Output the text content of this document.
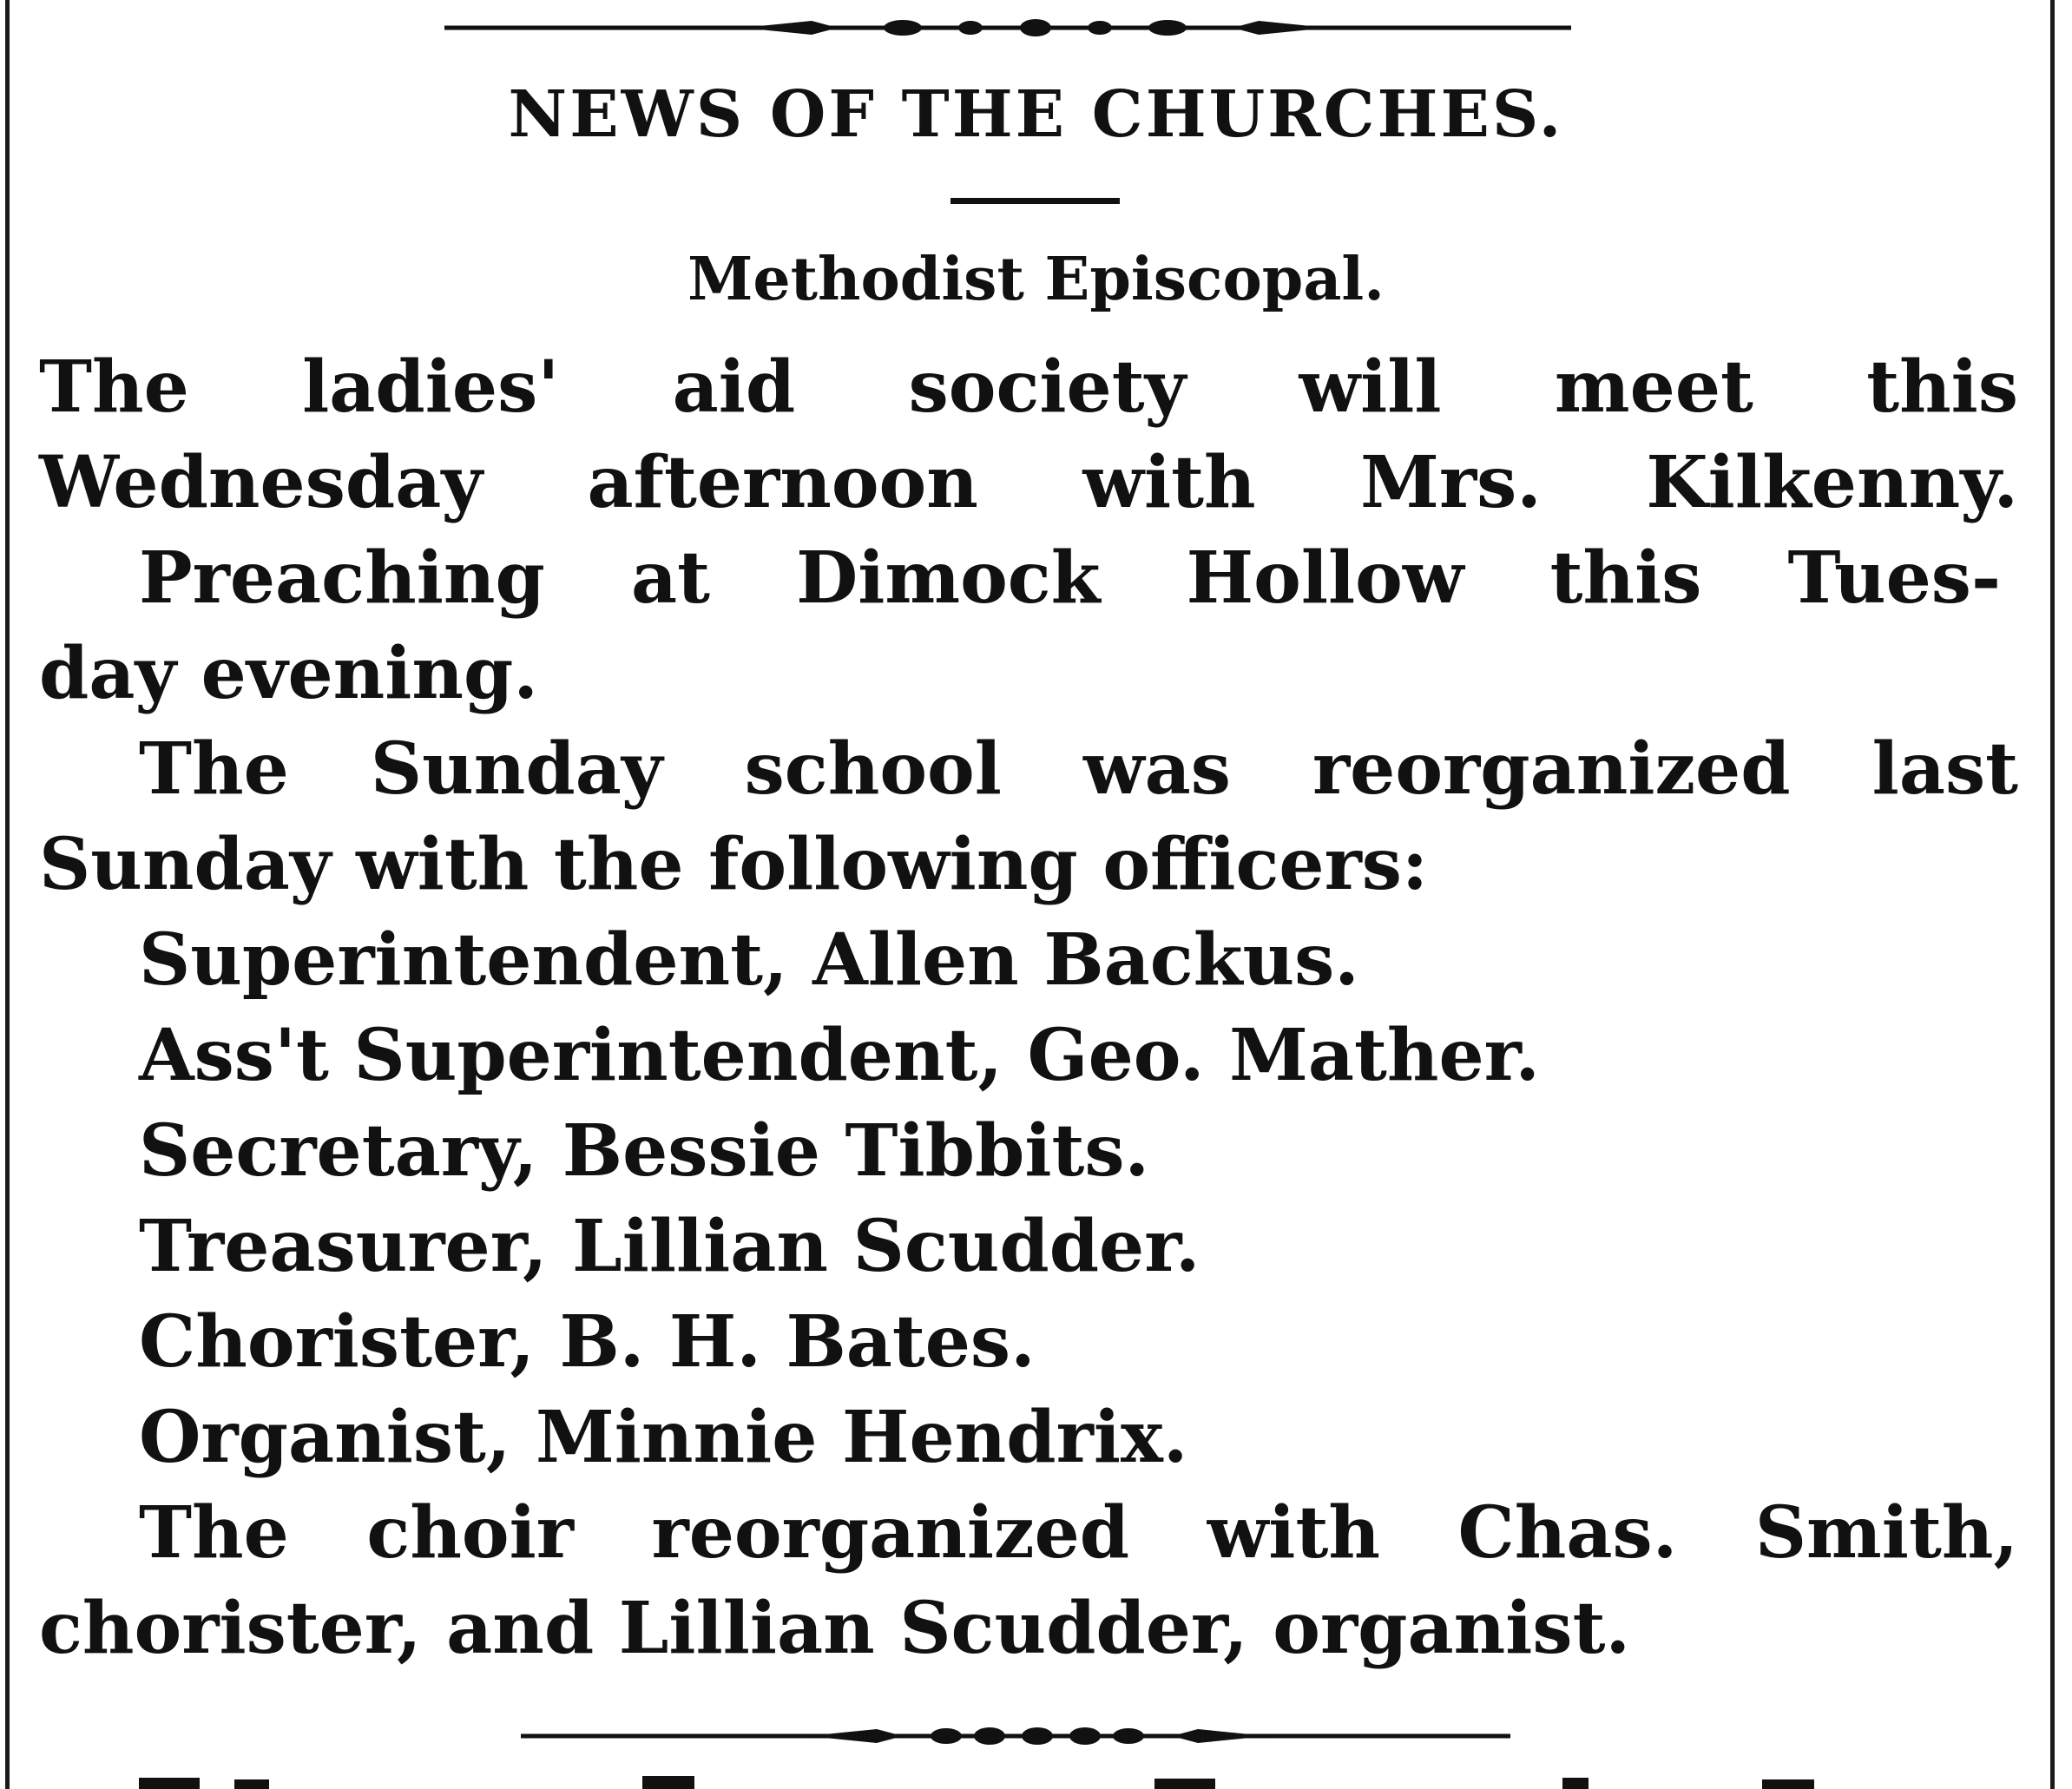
NEWS OF THE CHURCHES.
Methodist Episcopal.
The ladies' aid society will meet this
Wednesday afternoon with Mrs. Kilkenny.
Preaching at Dimock Hollow this Tues-
day evening.
The Sunday school was reorganized last
Sunday with the following officers:
Superintendent, Allen Backus.
Ass't Superintendent, Geo. Mather.
Secretary, Bessie Tibbits.
Treasurer, Lillian Scudder.
Chorister, B. H. Bates.
Organist, Minnie Hendrix.
The choir reorganized with Chas. Smith,
chorister, and Lillian Scudder, organist.
